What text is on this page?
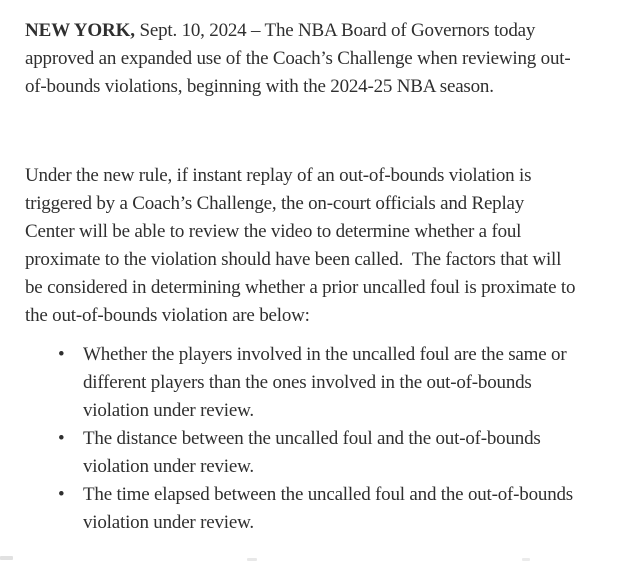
NEW YORK, Sept. 10, 2024 – The NBA Board of Governors today
approved an expanded use of the Coach’s Challenge when reviewing out-
of-bounds violations, beginning with the 2024-25 NBA season.
Under the new rule, if instant replay of an out-of-bounds violation is
triggered by a Coach’s Challenge, the on-court officials and Replay
Center will be able to review the video to determine whether a foul
proximate to the violation should have been called.  The factors that will
be considered in determining whether a prior uncalled foul is proximate to
the out-of-bounds violation are below:
• Whether the players involved in the uncalled foul are the same or
different players than the ones involved in the out-of-bounds
violation under review.
• The distance between the uncalled foul and the out-of-bounds
violation under review.
• The time elapsed between the uncalled foul and the out-of-bounds
violation under review.
